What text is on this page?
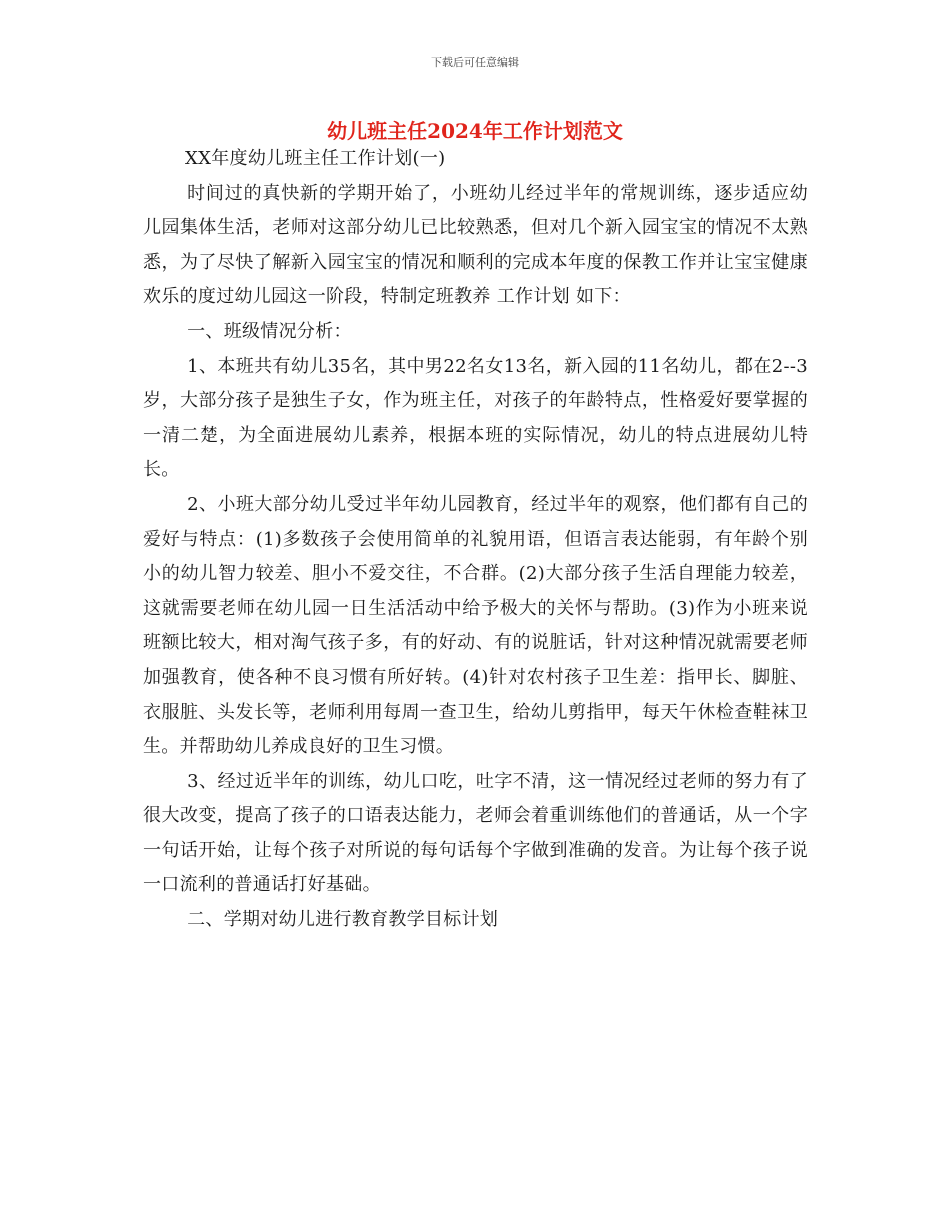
下载后可任意编辑
幼儿班主任2024年工作计划范文

XX年度幼儿班主任工作计划(一)

时间过的真快新的学期开始了，小班幼儿经过半年的常规训练，逐步适应幼儿园集体生活，老师对这部分幼儿已比较熟悉，但对几个新入园宝宝的情况不太熟悉，为了尽快了解新入园宝宝的情况和顺利的完成本年度的保教工作并让宝宝健康欢乐的度过幼儿园这一阶段，特制定班教养 工作计划 如下：

一、班级情况分析：

1、本班共有幼儿35名，其中男22名女13名，新入园的11名幼儿，都在2--3岁，大部分孩子是独生子女，作为班主任，对孩子的年龄特点，性格爱好要掌握的一清二楚，为全面进展幼儿素养，根据本班的实际情况，幼儿的特点进展幼儿特长。

2、小班大部分幼儿受过半年幼儿园教育，经过半年的观察，他们都有自己的爱好与特点：(1)多数孩子会使用简单的礼貌用语，但语言表达能弱，有年龄个别小的幼儿智力较差、胆小不爱交往，不合群。(2)大部分孩子生活自理能力较差，这就需要老师在幼儿园一日生活活动中给予极大的关怀与帮助。(3)作为小班来说班额比较大，相对淘气孩子多，有的好动、有的说脏话，针对这种情况就需要老师加强教育，使各种不良习惯有所好转。(4)针对农村孩子卫生差：指甲长、脚脏、衣服脏、头发长等，老师利用每周一查卫生，给幼儿剪指甲，每天午休检查鞋袜卫生。并帮助幼儿养成良好的卫生习惯。

3、经过近半年的训练，幼儿口吃，吐字不清，这一情况经过老师的努力有了很大改变，提高了孩子的口语表达能力，老师会着重训练他们的普通话，从一个字一句话开始，让每个孩子对所说的每句话每个字做到准确的发音。为让每个孩子说一口流利的普通话打好基础。

二、学期对幼儿进行教育教学目标计划
